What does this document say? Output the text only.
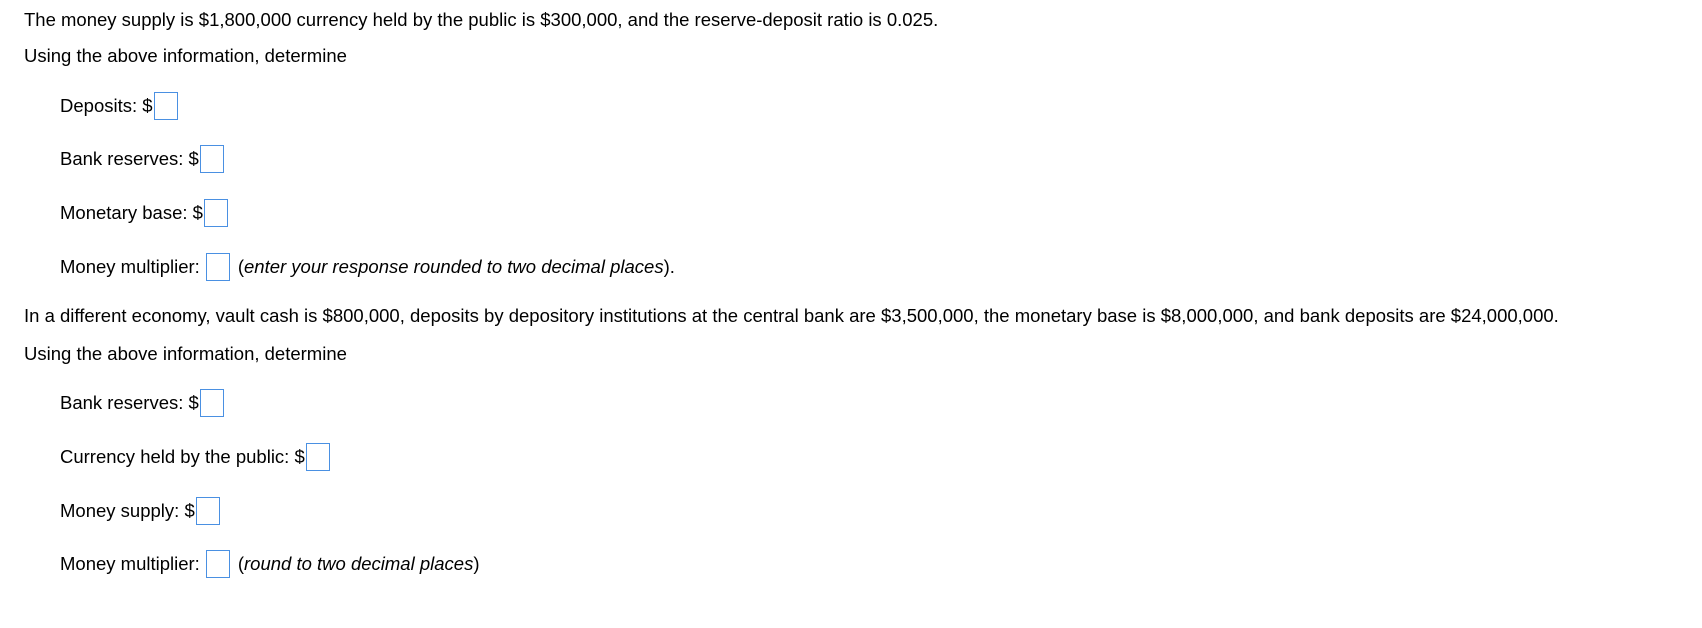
The money supply is $1,800,000 currency held by the public is $300,000, and the reserve-deposit ratio is 0.025.
Using the above information, determine
Deposits:
$
Bank reserves:
$
Monetary base:
$
Money multiplier: ( enter your response rounded to two decimal places ).
In a different economy, vault cash is $800,000, deposits by depository institutions at the central bank are $3,500,000, the monetary base is $8,000,000, and bank deposits are $24,000,000.
Using the above information, determine
Bank reserves:
$
Currency held by the public:
$
Money supply:
$
Money multiplier: ( round to two decimal places )
